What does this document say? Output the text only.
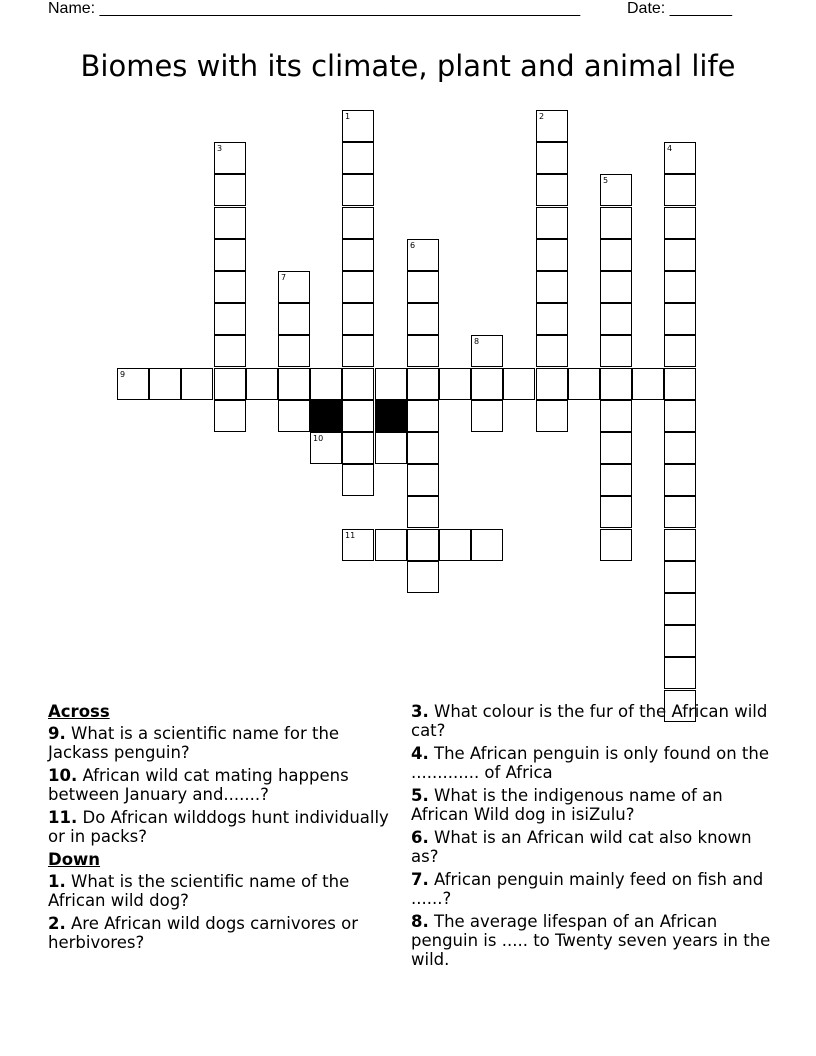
Name: ______________________________________________________	Date: _______
Biomes with its climate, plant and animal life
1	2
3	4
5
6
7
8
9
10
11
Across
9. What is a scientific name for the Jackass penguin?
10. African wild cat mating happens between January and.......?
11. Do African wilddogs hunt individually or in packs?
Down
1. What is the scientific name of the African wild dog?
2. Are African wild dogs carnivores or herbivores?
3. What colour is the fur of the African wild cat?
4. The African penguin is only found on the ............. of Africa
5. What is the indigenous name of an African Wild dog in isiZulu?
6. What is an African wild cat also known as?
7. African penguin mainly feed on fish and ......?
8. The average lifespan of an African penguin is ..... to Twenty seven years in the wild.
